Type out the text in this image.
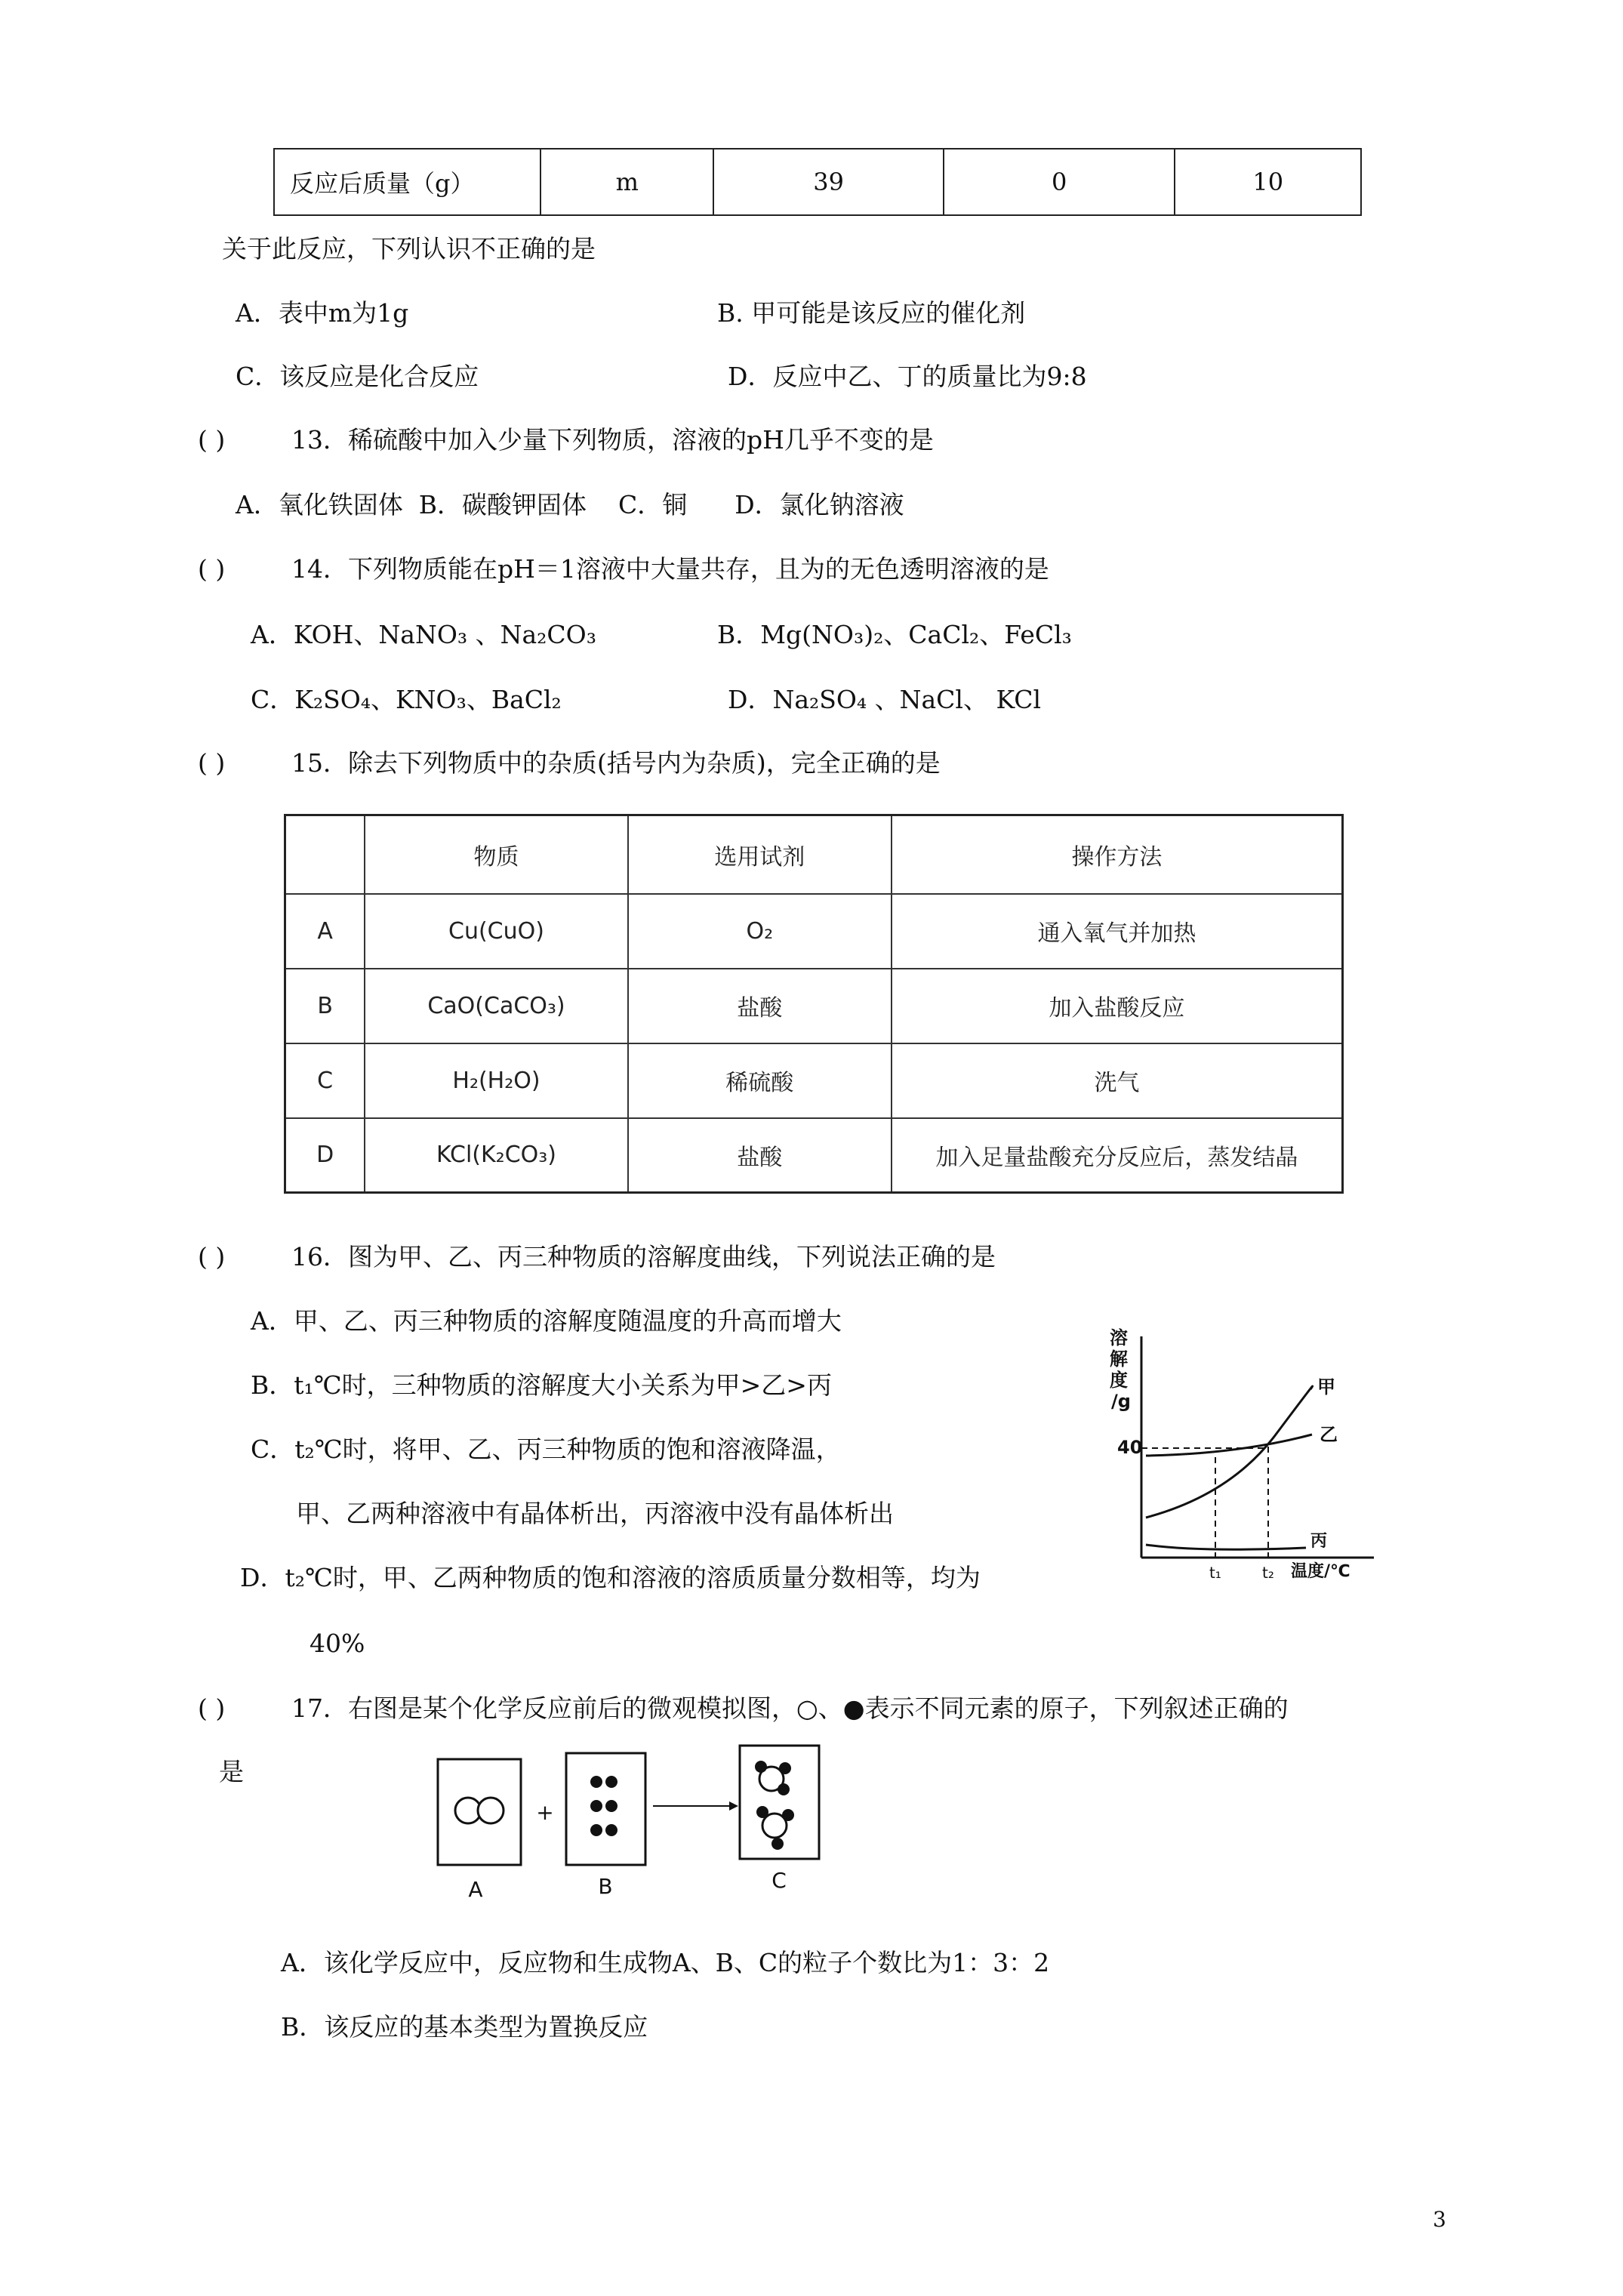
反应后质量（g）	m	39	0	10
关于此反应，下列认识不正确的是
A．表中m为1g	B. 甲可能是该反应的催化剂
C．该反应是化合反应	D．反应中乙、丁的质量比为9:8
( )	13．稀硫酸中加入少量下列物质，溶液的pH几乎不变的是
A．氧化铁固体  B．碳酸钾固体    C．铜      D．氯化钠溶液
( )	14．下列物质能在pH＝1溶液中大量共存，且为的无色透明溶液的是
A．KOH、NaNO₃ 、Na₂CO₃	B．Mg(NO₃)₂、CaCl₂、FeCl₃
C．K₂SO₄、KNO₃、BaCl₂	D．Na₂SO₄ 、NaCl、 KCl
( )	15．除去下列物质中的杂质(括号内为杂质)，完全正确的是
	物质	选用试剂	操作方法
A	Cu(CuO)	O₂	通入氧气并加热
B	CaO(CaCO₃)	盐酸	加入盐酸反应
C	H₂(H₂O)	稀硫酸	洗气
D	KCl(K₂CO₃)	盐酸	加入足量盐酸充分反应后，蒸发结晶
( )	16．图为甲、乙、丙三种物质的溶解度曲线，下列说法正确的是
A．甲、乙、丙三种物质的溶解度随温度的升高而增大
B．t₁℃时，三种物质的溶解度大小关系为甲>乙>丙
C．t₂℃时，将甲、乙、丙三种物质的饱和溶液降温，
甲、乙两种溶液中有晶体析出，丙溶液中没有晶体析出
D．t₂℃时，甲、乙两种物质的饱和溶液的溶质质量分数相等，均为
40%
溶
解
度
/g
40
甲
乙
丙
t₁	t₂ 温度/℃
( )	17．右图是某个化学反应前后的微观模拟图，○、●表示不同元素的原子，下列叙述正确的
是
+
A	B	C
A．该化学反应中，反应物和生成物A、B、C的粒子个数比为1：3：2
B．该反应的基本类型为置换反应
3
